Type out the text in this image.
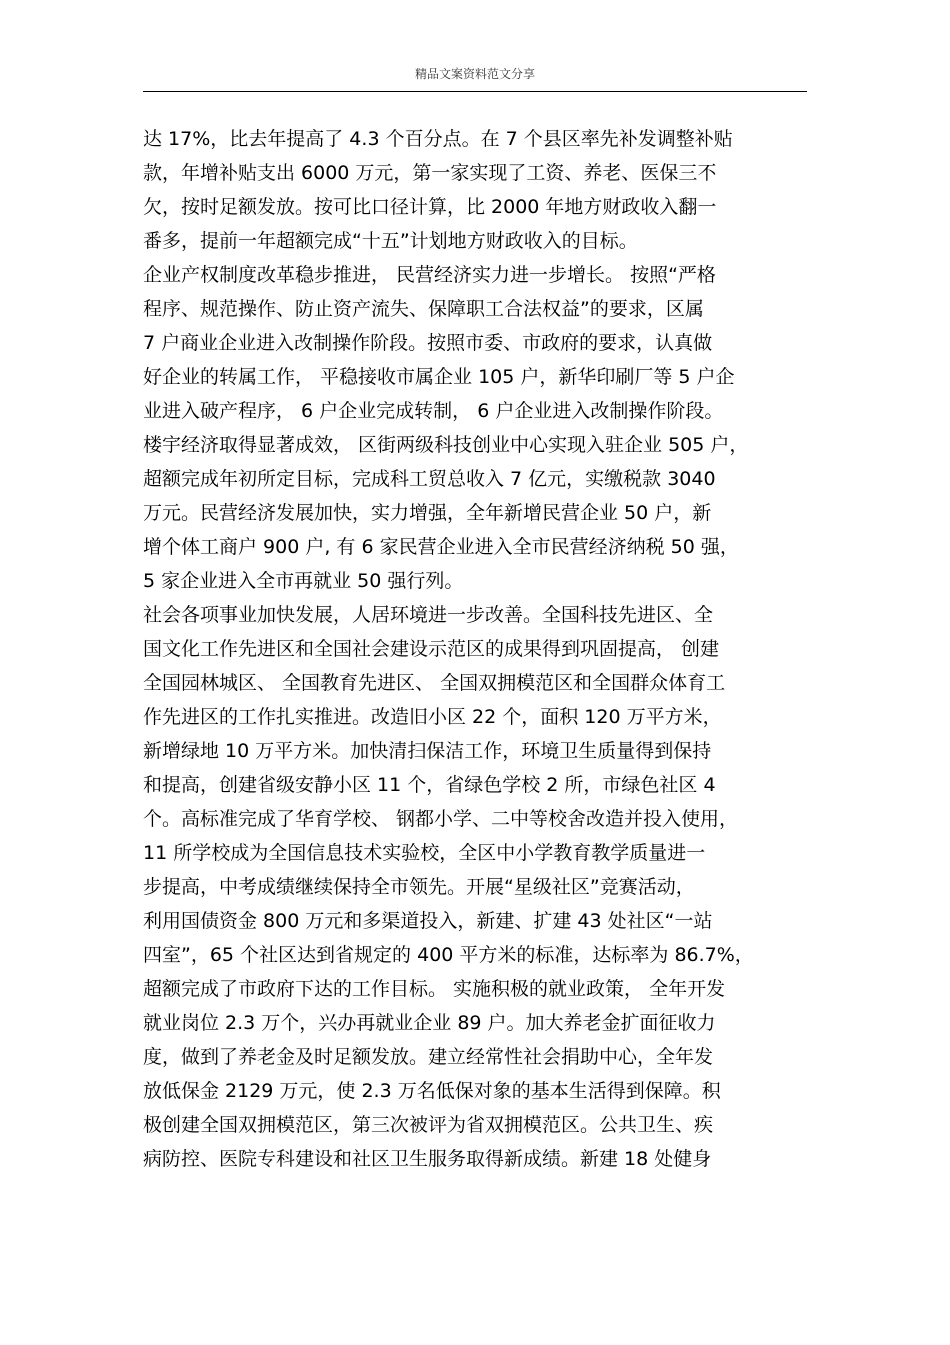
精品文案资料范文分享
达 17%，比去年提高了 4.3 个百分点。在 7 个县区率先补发调整补贴
款，年增补贴支出 6000 万元，第一家实现了工资、养老、医保三不
欠，按时足额发放。按可比口径计算，比 2000 年地方财政收入翻一
番多，提前一年超额完成“十五”计划地方财政收入的目标。
企业产权制度改革稳步推进， 民营经济实力进一步增长。 按照“严格
程序、规范操作、防止资产流失、保障职工合法权益”的要求，区属
7 户商业企业进入改制操作阶段。按照市委、市政府的要求，认真做
好企业的转属工作， 平稳接收市属企业 105 户，新华印刷厂等 5 户企
业进入破产程序， 6 户企业完成转制， 6 户企业进入改制操作阶段。
楼宇经济取得显著成效， 区街两级科技创业中心实现入驻企业 505 户，
超额完成年初所定目标，完成科工贸总收入 7 亿元，实缴税款 3040
万元。民营经济发展加快，实力增强，全年新增民营企业 50 户，新
增个体工商户 900 户, 有 6 家民营企业进入全市民营经济纳税 50 强，
5 家企业进入全市再就业 50 强行列。
社会各项事业加快发展，人居环境进一步改善。全国科技先进区、全
国文化工作先进区和全国社会建设示范区的成果得到巩固提高， 创建
全国园林城区、 全国教育先进区、 全国双拥模范区和全国群众体育工
作先进区的工作扎实推进。改造旧小区 22 个，面积 120 万平方米，
新增绿地 10 万平方米。加快清扫保洁工作，环境卫生质量得到保持
和提高，创建省级安静小区 11 个，省绿色学校 2 所，市绿色社区 4
个。高标准完成了华育学校、 钢都小学、二中等校舍改造并投入使用，
11 所学校成为全国信息技术实验校，全区中小学教育教学质量进一
步提高，中考成绩继续保持全市领先。开展“星级社区”竞赛活动，
利用国债资金 800 万元和多渠道投入，新建、扩建 43 处社区“一站
四室”，65 个社区达到省规定的 400 平方米的标准，达标率为 86.7%，
超额完成了市政府下达的工作目标。 实施积极的就业政策， 全年开发
就业岗位 2.3 万个，兴办再就业企业 89 户。加大养老金扩面征收力
度，做到了养老金及时足额发放。建立经常性社会捐助中心，全年发
放低保金 2129 万元，使 2.3 万名低保对象的基本生活得到保障。积
极创建全国双拥模范区，第三次被评为省双拥模范区。公共卫生、疾
病防控、医院专科建设和社区卫生服务取得新成绩。新建 18 处健身
